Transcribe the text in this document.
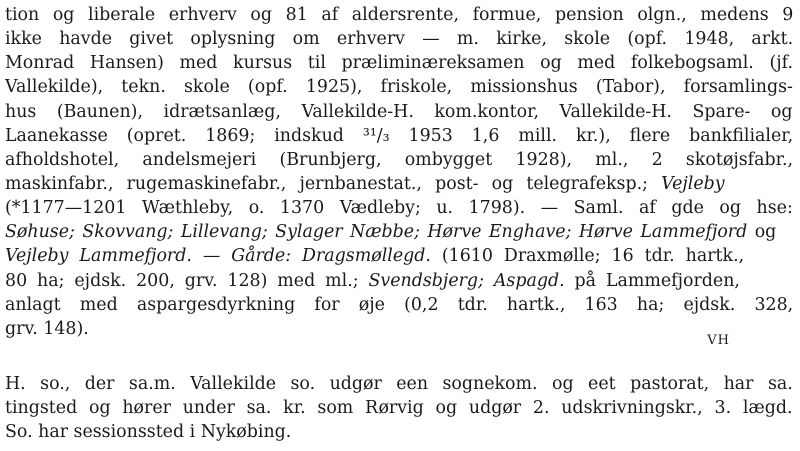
tion og liberale erhverv og 81 af aldersrente, formue, pension olgn., medens 9
ikke havde givet oplysning om erhverv — m. kirke, skole (opf. 1948, arkt.
Monrad Hansen) med kursus til præliminæreksamen og med folkebogsaml. (jf.
Vallekilde), tekn. skole (opf. 1925), friskole, missionshus (Tabor), forsamlings-
hus (Baunen), idrætsanlæg, Vallekilde-H. kom.kontor, Vallekilde-H. Spare- og
Laanekasse (opret. 1869; indskud ³¹/₃ 1953 1,6 mill. kr.), flere bankfilialer,
afholdshotel, andelsmejeri (Brunbjerg, ombygget 1928), ml., 2 skotøjsfabr.,
maskinfabr., rugemaskinefabr., jernbanestat., post- og telegrafeksp.; Vejleby
(*1177—1201 Wæthleby, o. 1370 Vædleby; u. 1798). — Saml. af gde og hse:
Søhuse; Skovvang; Lillevang; Sylager Næbbe; Hørve Enghave; Hørve Lammefjord og
Vejleby Lammefjord. — Gårde: Dragsmøllegd. (1610 Draxmølle; 16 tdr. hartk.,
80 ha; ejdsk. 200, grv. 128) med ml.; Svendsbjerg; Aspagd. på Lammefjorden,
anlagt med aspargesdyrkning for øje (0,2 tdr. hartk., 163 ha; ejdsk. 328,
grv. 148).
VH
H. so., der sa.m. Vallekilde so. udgør een sognekom. og eet pastorat, har sa.
tingsted og hører under sa. kr. som Rørvig og udgør 2. udskrivningskr., 3. lægd.
So. har sessionssted i Nykøbing.
